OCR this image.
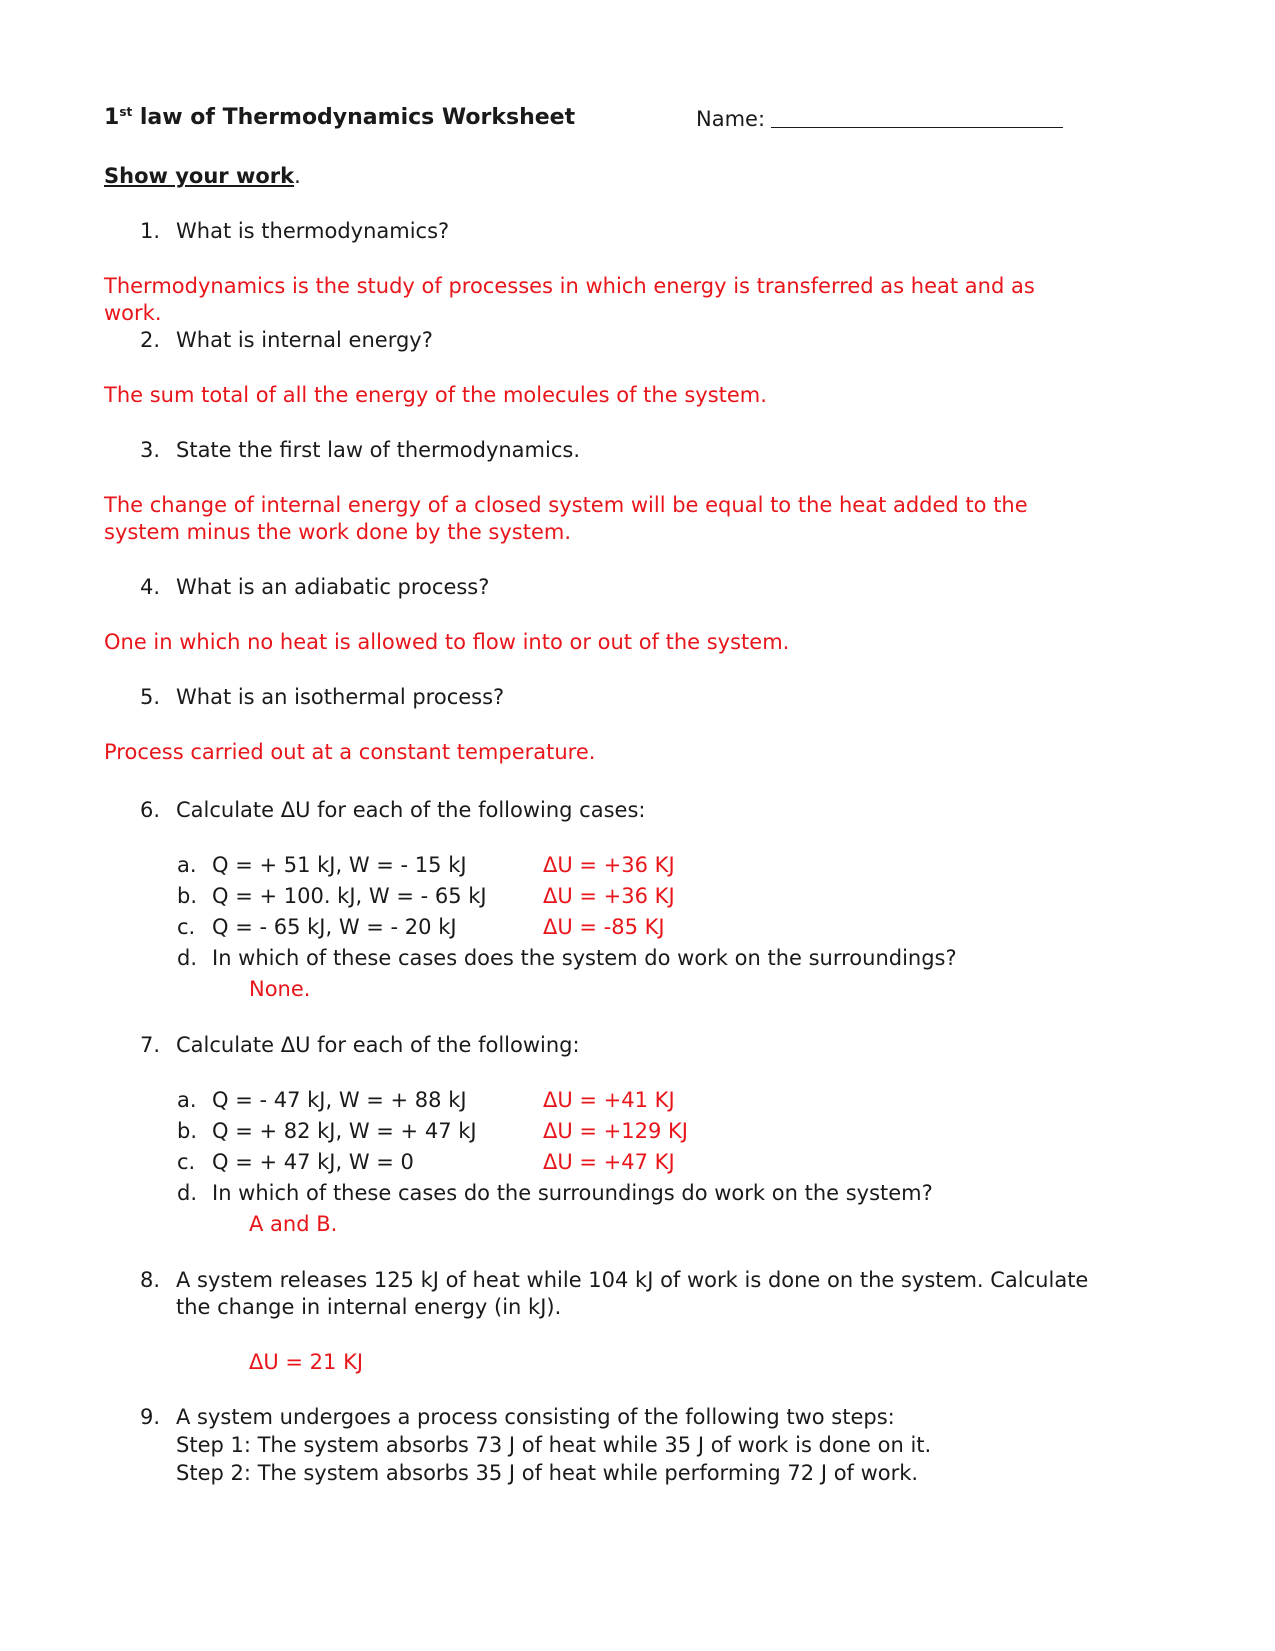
1st law of Thermodynamics Worksheet	Name:
Show your work.
1. What is thermodynamics?
Thermodynamics is the study of processes in which energy is transferred as heat and as
work.
2. What is internal energy?
The sum total of all the energy of the molecules of the system.
3. State the first law of thermodynamics.
The change of internal energy of a closed system will be equal to the heat added to the
system minus the work done by the system.
4. What is an adiabatic process?
One in which no heat is allowed to flow into or out of the system.
5. What is an isothermal process?
Process carried out at a constant temperature.
6. Calculate ΔU for each of the following cases:
a. Q = + 51 kJ, W = - 15 kJ	ΔU = +36 KJ
b. Q = + 100. kJ, W = - 65 kJ	ΔU = +36 KJ
c. Q = - 65 kJ, W = - 20 kJ	ΔU = -85 KJ
d. In which of these cases does the system do work on the surroundings?
None.
7. Calculate ΔU for each of the following:
a. Q = - 47 kJ, W = + 88 kJ	ΔU = +41 KJ
b. Q = + 82 kJ, W = + 47 kJ	ΔU = +129 KJ
c. Q = + 47 kJ, W = 0	ΔU = +47 KJ
d. In which of these cases do the surroundings do work on the system?
A and B.
8. A system releases 125 kJ of heat while 104 kJ of work is done on the system. Calculate
the change in internal energy (in kJ).
ΔU = 21 KJ
9. A system undergoes a process consisting of the following two steps:
Step 1: The system absorbs 73 J of heat while 35 J of work is done on it.
Step 2: The system absorbs 35 J of heat while performing 72 J of work.
